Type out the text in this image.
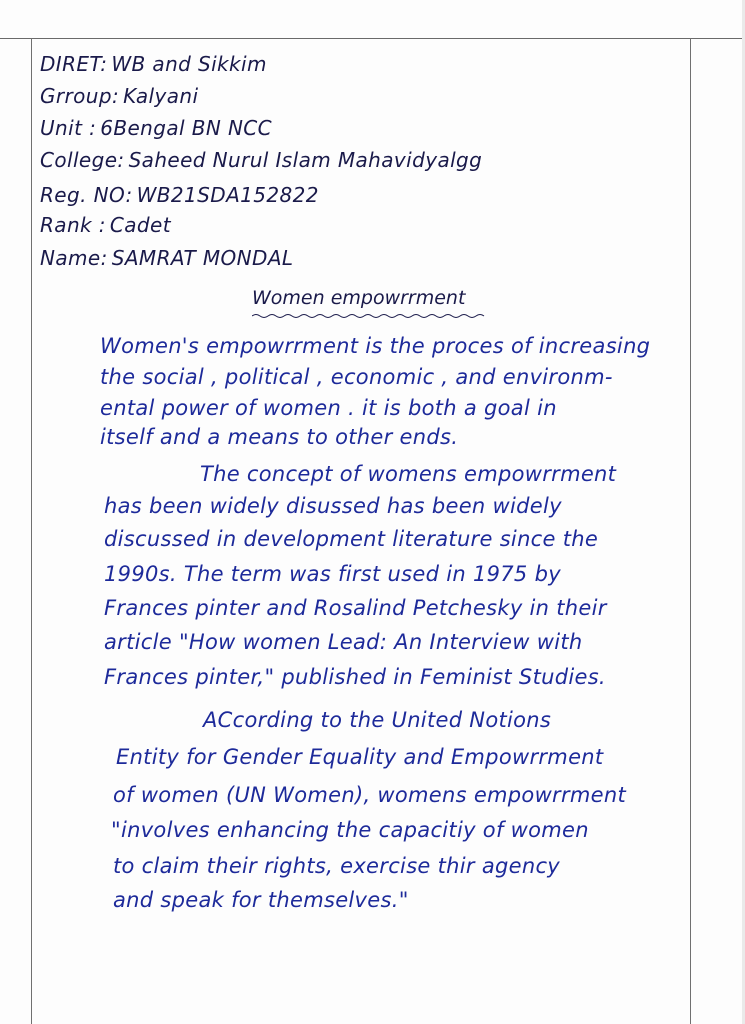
DIRET: WB and Sikkim
Grroup: Kalyani
Unit : 6Bengal BN NCC
College: Saheed Nurul Islam Mahavidyalgg
Reg. NO: WB21SDA152822
Rank : Cadet
Name: SAMRAT MONDAL
Women empowrrment
Women's empowrrment is the proces of increasing
the social , political , economic , and environm-
ental power of women . it is both a goal in
itself and a means to other ends.
The concept of womens empowrrment
has been widely disussed has been widely
discussed in development literature since the
1990s. The term was first used in 1975 by
Frances pinter and Rosalind Petchesky in their
article "How women Lead: An Interview with
Frances pinter," published in Feminist Studies.
ACcording to the United Notions
Entity for Gender Equality and Empowrrment
of women (UN Women), womens empowrrment
"involves enhancing the capacitiy of women
to claim their rights, exercise thir agency
and speak for themselves."
